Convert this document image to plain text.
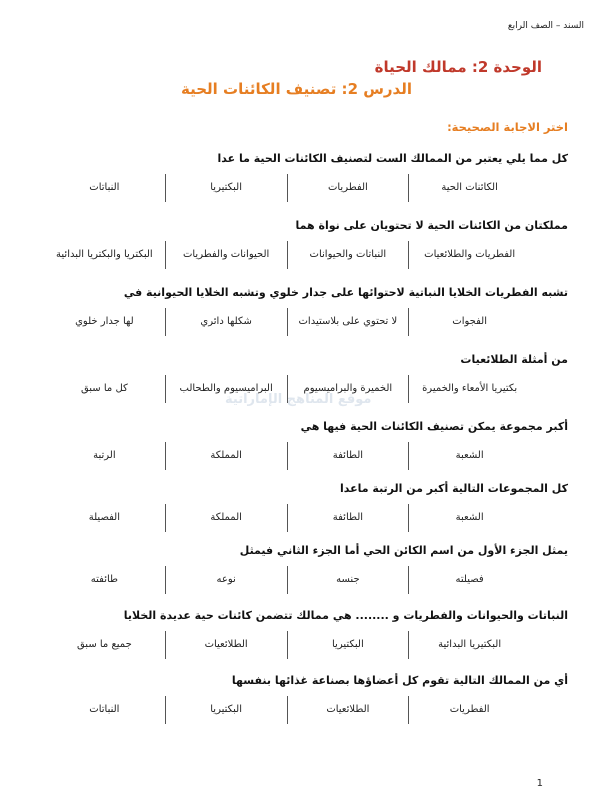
السند – الصف الرابع
الوحدة 2: ممالك الحياة
الدرس 2: تصنيف الكائنات الحية
اختر الاجابة الصحيحة:
موقع المناهج الإماراتية
كل مما يلي يعتبر من الممالك الست لتصنيف الكائنات الحية ما عدا
الكائنات الحية
الفطريات
البكتيريا
النباتات
مملكتان من الكائنات الحية لا تحتويان على نواة هما
الفطريات والطلائعيات
النباتات والحيوانات
الحيوانات والفطريات
البكتريا والبكتريا البدائية
تشبه الفطريات الخلايا النباتية لاحتوائها على جدار خلوي وتشبه الخلايا الحيوانية في
الفجوات
لا تحتوي على بلاستيدات
شكلها دائري
لها جدار خلوي
من أمثلة الطلائعيات
بكتيريا الأمعاء والخميرة
الخميرة والبراميسيوم
البراميسيوم والطحالب
كل ما سبق
أكبر مجموعة يمكن تصنيف الكائنات الحية فيها هي
الشعبة
الطائفة
المملكة
الرتبة
كل المجموعات التالية أكبر من الرتبة ماعدا
الشعبة
الطائفة
المملكة
الفصيلة
يمثل الجزء الأول من اسم الكائن الحي أما الجزء الثاني فيمثل
فصيلته
جنسه
نوعه
طائفته
النباتات والحيوانات والفطريات و ........ هي ممالك تتضمن كائنات حية عديدة الخلايا
البكتيريا البدائية
البكتيريا
الطلائعيات
جميع ما سبق
أي من الممالك التالية تقوم كل أعضاؤها بصناعة غذائها بنفسها
الفطريات
الطلائعيات
البكتيريا
النباتات
1
